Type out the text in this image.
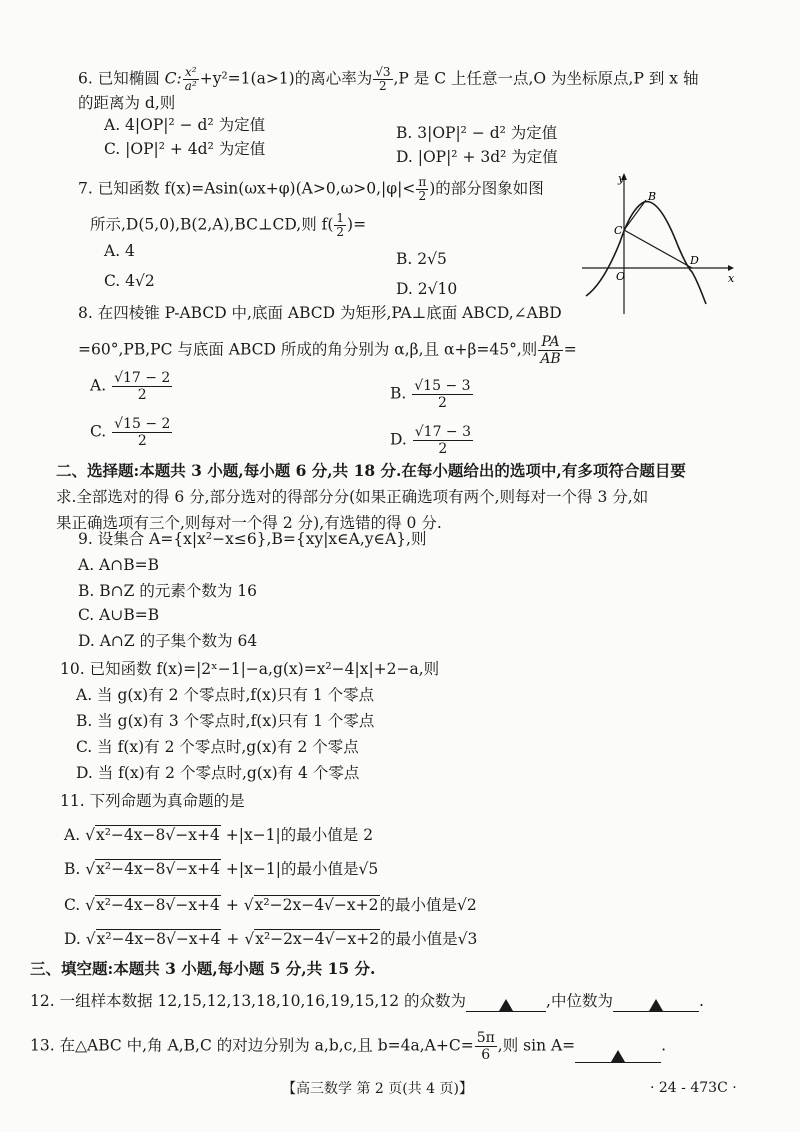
6. 已知椭圆 C: $\frac{\text{x²}}{\text{a²}} +y^2=1(a>1)$的离心率为 $\frac{√3}{2} ,P$ 是 C 上任意一点,O 为坐标原点,P 到 x 轴
的距离为 d,则
A. 4|OP|² − d² 为定值	B. 3|OP|² − d² 为定值
C. |OP|² + 4d² 为定值	D. |OP|² + 3d² 为定值
7. 已知函数 $f(x)=Asin(\omega x+\varphi)(A>0,\omega>0,|\varphi|< \frac{\pi}{2}$ )的部分图象如图
所示,D(5,0),B(2,A),BC⊥CD,则 $f( \frac{1}{2}$ )=
A. 4	B. 2√5
C. 4√2	D. 2√10
y
x
B
C
O
D
8. 在四棱锥 P-ABCD 中,底面 ABCD 为矩形,PA⊥底面 ABCD,∠ABD
=60°,PB,PC 与底面 ABCD 所成的角分别为 α,β,且 α+β=45°,则 $\frac{PA}{AB}$ =
A. $\frac{√17 - 2}{2}$	B. $\frac{√15 - 3}{2}$
C. $\frac{√15 - 2}{2}$	D. $\frac{√17 - 3}{2}$
二、选择题:本题共 3 小题,每小题 6 分,共 18 分.在每小题给出的选项中,有多项符合题目要
求.全部选对的得 6 分,部分选对的得部分分(如果正确选项有两个,则每对一个得 3 分,如
果正确选项有三个,则每对一个得 2 分),有选错的得 0 分.
9. 设集合 A={x|x²−x≤6},B={xy|x∈A,y∈A},则
A. A∩B=B
B. B∩Z 的元素个数为 16
C. A∪B=B
D. A∩Z 的子集个数为 64
10. 已知函数 f(x)=|2ˣ−1|−a,g(x)=x²−4|x|+2−a,则
A. 当 g(x)有 2 个零点时,f(x)只有 1 个零点
B. 当 g(x)有 3 个零点时,f(x)只有 1 个零点
C. 当 f(x)有 2 个零点时,g(x)有 2 个零点
D. 当 f(x)有 2 个零点时,g(x)有 4 个零点
11. 下列命题为真命题的是
A. √x²−4x−8√−x+4 +|x−1|的最小值是 2
B. √x²−4x−8√−x+4 +|x−1|的最小值是√5
C. √x²−4x−8√−x+4 + √x²−2x−4√−x+2的最小值是√2
D. √x²−4x−8√−x+4 + √x²−2x−4√−x+2的最小值是√3
三、填空题:本题共 3 小题,每小题 5 分,共 15 分.
12. 一组样本数据 12,15,12,13,18,10,16,19,15,12 的众数为	,中位数为	.
13. 在△ABC 中,角 A,B,C 的对边分别为 a,b,c,且 $b=4a,A+C= \frac{5\pi}{6}$ ,则 sin A=	.
【高三数学 第 2 页(共 4 页)】	· 24 - 473C ·
